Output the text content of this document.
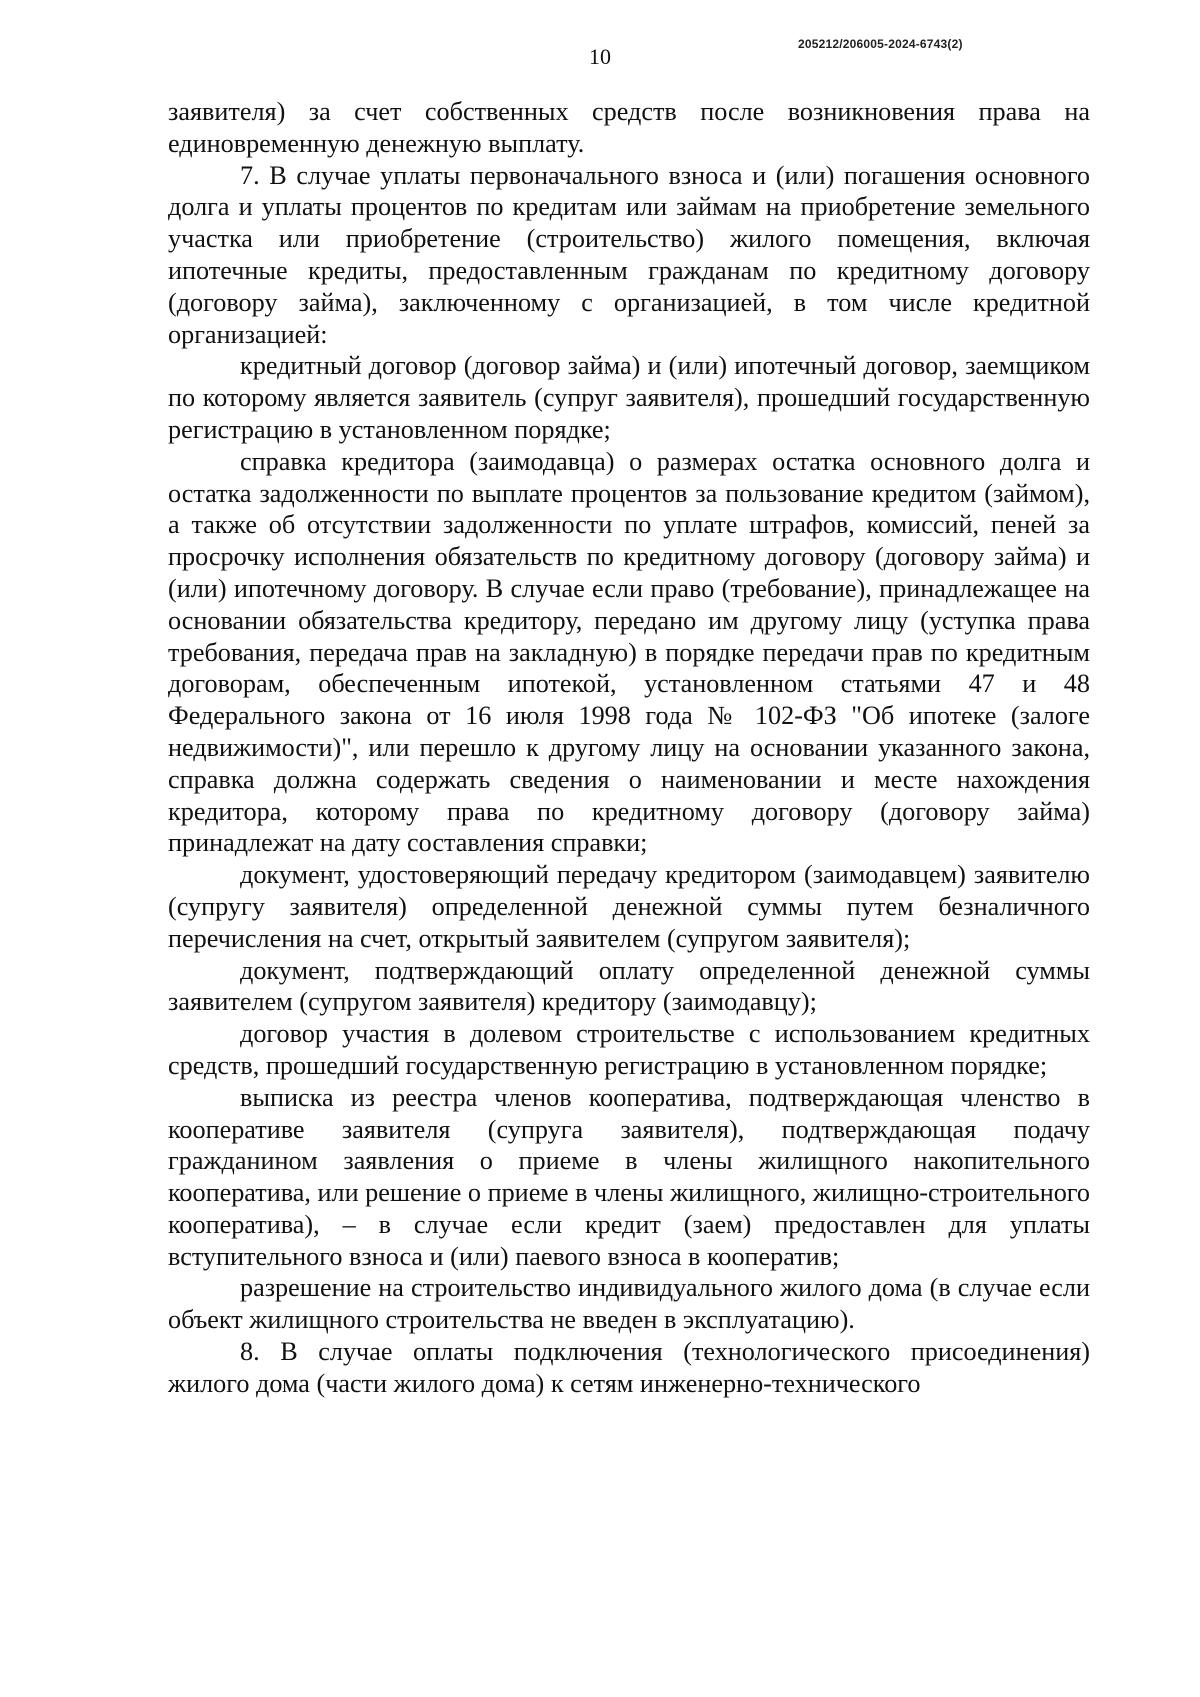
10	205212/206005-2024-6743(2)

заявителя) за счет собственных средств после возникновения права на единовременную денежную выплату.

7. В случае уплаты первоначального взноса и (или) погашения основного долга и уплаты процентов по кредитам или займам на приобретение земельного участка или приобретение (строительство) жилого помещения, включая ипотечные кредиты, предоставленным гражданам по кредитному договору (договору займа), заключенному с организацией, в том числе кредитной организацией:

кредитный договор (договор займа) и (или) ипотечный договор, заемщиком по которому является заявитель (супруг заявителя), прошедший государственную регистрацию в установленном порядке;

справка кредитора (заимодавца) о размерах остатка основного долга и остатка задолженности по выплате процентов за пользование кредитом (займом), а также об отсутствии задолженности по уплате штрафов, комиссий, пеней за просрочку исполнения обязательств по кредитному договору (договору займа) и (или) ипотечному договору. В случае если право (требование), принадлежащее на основании обязательства кредитору, передано им другому лицу (уступка права требования, передача прав на закладную) в порядке передачи прав по кредитным договорам, обеспеченным ипотекой, установленном статьями 47 и 48 Федерального закона от 16 июля 1998 года № 102-ФЗ "Об ипотеке (залоге недвижимости)", или перешло к другому лицу на основании указанного закона, справка должна содержать сведения о наименовании и месте нахождения кредитора, которому права по кредитному договору (договору займа) принадлежат на дату составления справки;

документ, удостоверяющий передачу кредитором (заимодавцем) заявителю (супругу заявителя) определенной денежной суммы путем безналичного перечисления на счет, открытый заявителем (супругом заявителя);

документ, подтверждающий оплату определенной денежной суммы заявителем (супругом заявителя) кредитору (заимодавцу);

договор участия в долевом строительстве с использованием кредитных средств, прошедший государственную регистрацию в установленном порядке;

выписка из реестра членов кооператива, подтверждающая членство в кооперативе заявителя (супруга заявителя), подтверждающая подачу гражданином заявления о приеме в члены жилищного накопительного кооператива, или решение о приеме в члены жилищного, жилищно-строительного кооператива), – в случае если кредит (заем) предоставлен для уплаты вступительного взноса и (или) паевого взноса в кооператив;

разрешение на строительство индивидуального жилого дома (в случае если объект жилищного строительства не введен в эксплуатацию).

8. В случае оплаты подключения (технологического присоединения) жилого дома (части жилого дома) к сетям инженерно-технического
